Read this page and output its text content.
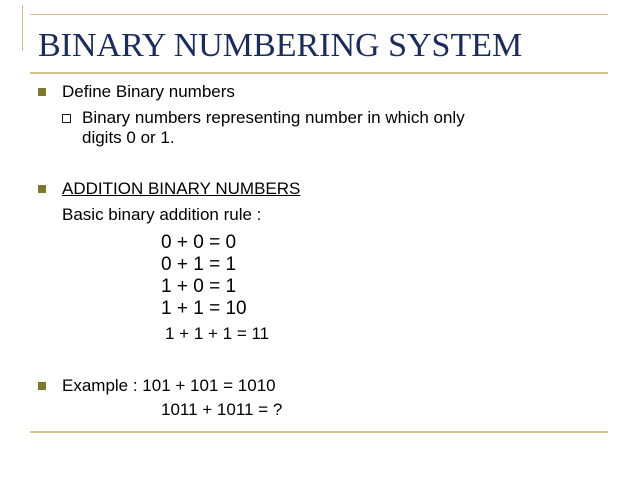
BINARY NUMBERING SYSTEM
Define Binary numbers
Binary numbers representing number in which only
digits 0 or 1.
ADDITION BINARY NUMBERS
Basic binary addition rule :
0 + 0 = 0
0 + 1 = 1
1 + 0 = 1
1 + 1 = 10
1 + 1 + 1 = 11
Example : 101 + 101 = 1010
1011 + 1011 = ?
